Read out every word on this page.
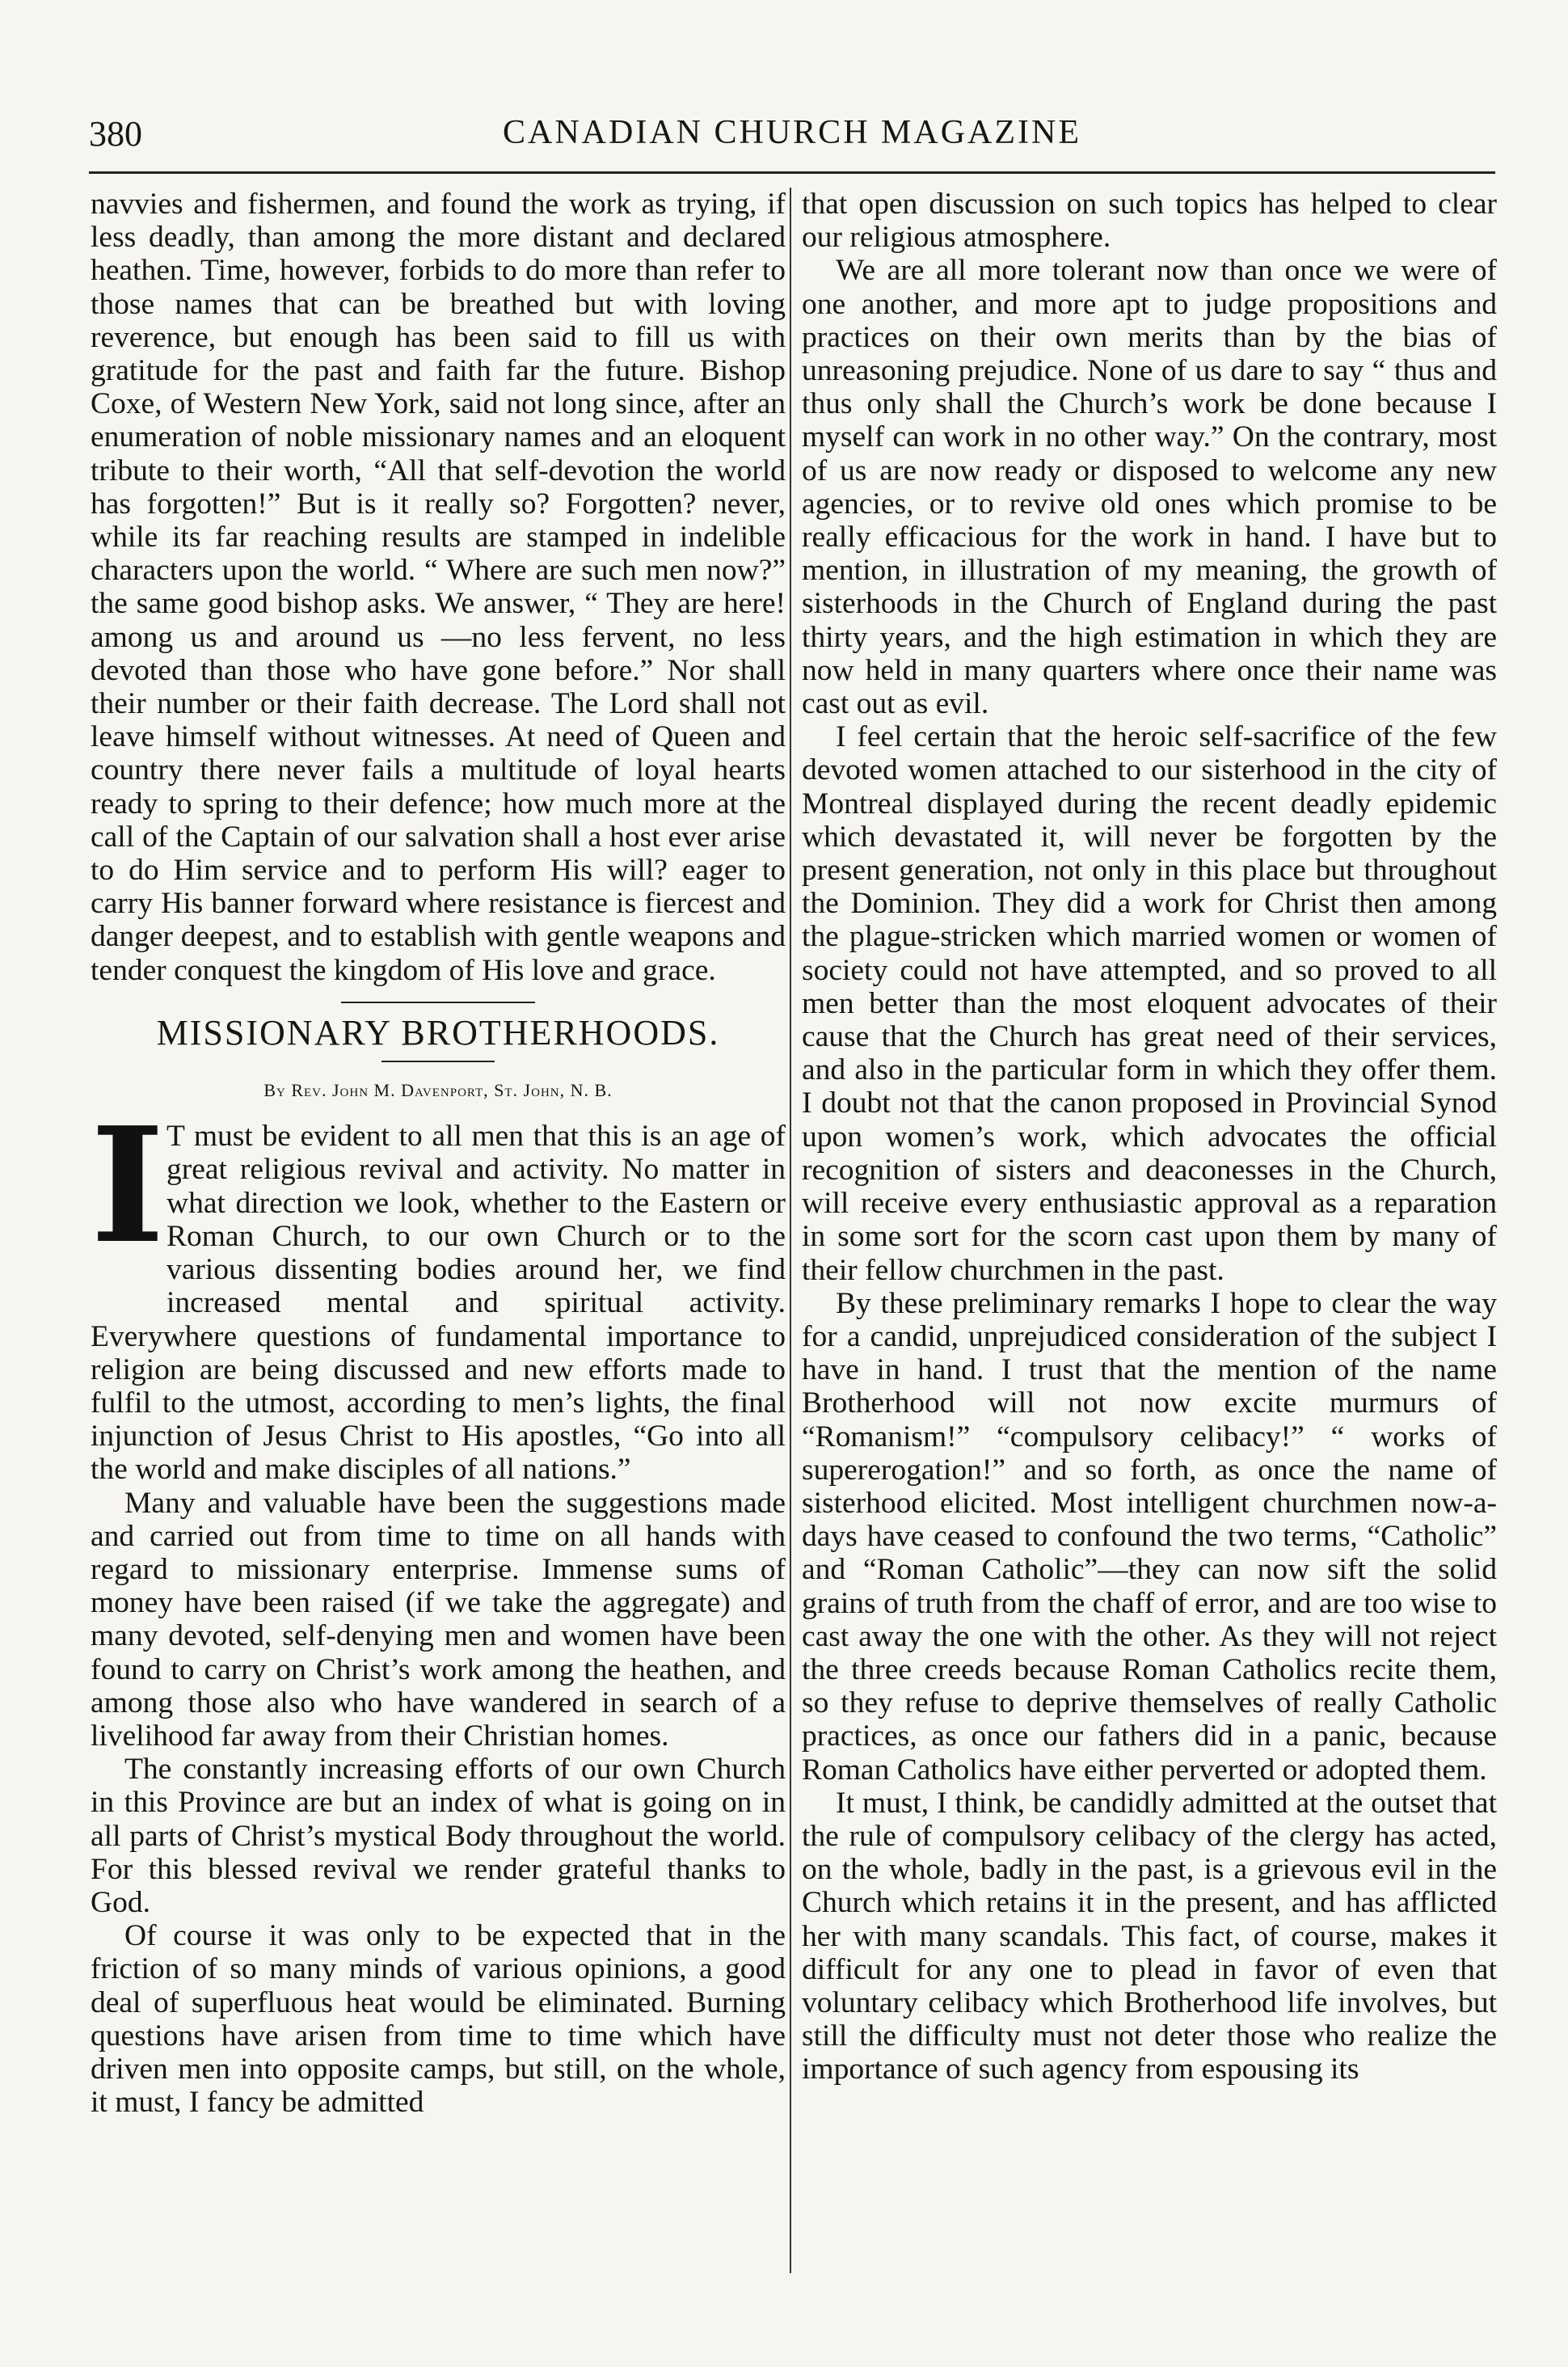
380	CANADIAN CHURCH MAGAZINE

navvies and fishermen, and found the work as trying, if less deadly, than among the more distant and declared heathen. Time, however, forbids to do more than refer to those names that can be breathed but with loving reverence, but enough has been said to fill us with gratitude for the past and faith far the future. Bishop Coxe, of Western New York, said not long since, after an enumeration of noble missionary names and an eloquent tribute to their worth, “All that self-devotion the world has forgotten!” But is it really so? Forgotten? never, while its far reaching results are stamped in indelible characters upon the world. “ Where are such men now?” the same good bishop asks. We answer, “ They are here! among us and around us —no less fervent, no less devoted than those who have gone before.” Nor shall their number or their faith decrease. The Lord shall not leave himself without witnesses. At need of Queen and country there never fails a multitude of loyal hearts ready to spring to their defence; how much more at the call of the Captain of our salvation shall a host ever arise to do Him service and to perform His will? eager to carry His banner forward where resistance is fiercest and danger deepest, and to establish with gentle weapons and tender conquest the kingdom of His love and grace.

MISSIONARY BROTHERHOODS.
By Rev. John M. Davenport, St. John, N. B.
I T must be evident to all men that this is an age of great religious revival and activity. No matter in what direction we look, whether to the Eastern or Roman Church, to our own Church or to the various dissenting bodies around her, we find increased mental and spiritual activity. Everywhere questions of fundamental importance to religion are being discussed and new efforts made to fulfil to the utmost, according to men’s lights, the final injunction of Jesus Christ to His apostles, “Go into all the world and make disciples of all nations.”

Many and valuable have been the suggestions made and carried out from time to time on all hands with regard to missionary enterprise. Immense sums of money have been raised (if we take the aggregate) and many devoted, self-denying men and women have been found to carry on Christ’s work among the heathen, and among those also who have wandered in search of a livelihood far away from their Christian homes.

The constantly increasing efforts of our own Church in this Province are but an index of what is going on in all parts of Christ’s mystical Body throughout the world. For this blessed revival we render grateful thanks to God.

Of course it was only to be expected that in the friction of so many minds of various opinions, a good deal of superfluous heat would be eliminated. Burning questions have arisen from time to time which have driven men into opposite camps, but still, on the whole, it must, I fancy be admitted

that open discussion on such topics has helped to clear our religious atmosphere.

We are all more tolerant now than once we were of one another, and more apt to judge propositions and practices on their own merits than by the bias of unreasoning prejudice. None of us dare to say “ thus and thus only shall the Church’s work be done because I myself can work in no other way.” On the contrary, most of us are now ready or disposed to welcome any new agencies, or to revive old ones which promise to be really efficacious for the work in hand. I have but to mention, in illustration of my meaning, the growth of sisterhoods in the Church of England during the past thirty years, and the high estimation in which they are now held in many quarters where once their name was cast out as evil.

I feel certain that the heroic self-sacrifice of the few devoted women attached to our sisterhood in the city of Montreal displayed during the recent deadly epidemic which devastated it, will never be forgotten by the present generation, not only in this place but throughout the Dominion. They did a work for Christ then among the plague-stricken which married women or women of society could not have attempted, and so proved to all men better than the most eloquent advocates of their cause that the Church has great need of their services, and also in the particular form in which they offer them. I doubt not that the canon proposed in Provincial Synod upon women’s work, which advocates the official recognition of sisters and deaconesses in the Church, will receive every enthusiastic approval as a reparation in some sort for the scorn cast upon them by many of their fellow churchmen in the past.

By these preliminary remarks I hope to clear the way for a candid, unprejudiced consideration of the subject I have in hand. I trust that the mention of the name Brotherhood will not now excite murmurs of “Romanism!” “compulsory celibacy!” “ works of supererogation!” and so forth, as once the name of sisterhood elicited. Most intelligent churchmen now-a-days have ceased to confound the two terms, “Catholic” and “Roman Catholic”—they can now sift the solid grains of truth from the chaff of error, and are too wise to cast away the one with the other. As they will not reject the three creeds because Roman Catholics recite them, so they refuse to deprive themselves of really Catholic practices, as once our fathers did in a panic, because Roman Catholics have either perverted or adopted them.

It must, I think, be candidly admitted at the outset that the rule of compulsory celibacy of the clergy has acted, on the whole, badly in the past, is a grievous evil in the Church which retains it in the present, and has afflicted her with many scandals. This fact, of course, makes it difficult for any one to plead in favor of even that voluntary celibacy which Brotherhood life involves, but still the difficulty must not deter those who realize the importance of such agency from espousing its
